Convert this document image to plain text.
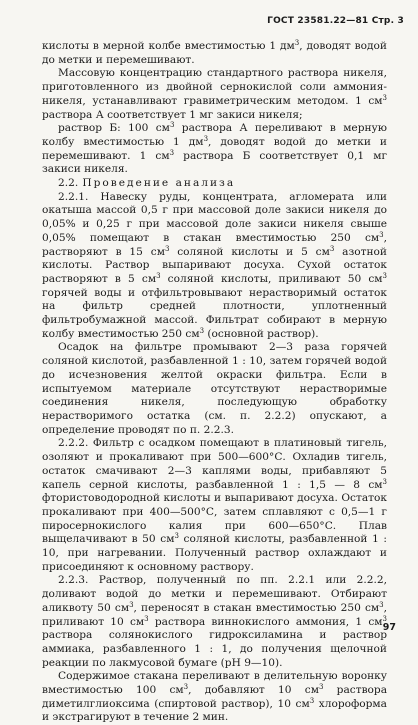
ГОСТ 23581.22—81 Стр. 3

кислоты в мерной колбе вместимостью 1 $дм^3$, доводят водой до метки и перемешивают.

Массовую концентрацию стандартного раствора никеля, приготовленного из двойной сернокислой соли аммония-никеля, устанавливают гравиметрическим методом. 1 $см^3$ раствора А соответствует 1 мг закиси никеля;

раствор Б: 100 $см^3$ раствора А переливают в мерную колбу вместимостью 1 $дм^3$, доводят водой до метки и перемешивают. 1 $см^3$ раствора Б соответствует 0,1 мг закиси никеля.

2.2. Проведение анализа

2.2.1. Навеску руды, концентрата, агломерата или окатыша массой 0,5 г при массовой доле закиси никеля до 0,05% и 0,25 г при массовой доле закиси никеля свыше 0,05% помещают в стакан вместимостью 250 $см^3$, растворяют в 15 $см^3$ соляной кислоты и 5 $см^3$ азотной кислоты. Раствор выпаривают досуха. Сухой остаток растворяют в 5 $см^3$ соляной кислоты, приливают 50 $см^3$ горячей воды и отфильтровывают нерастворимый остаток на фильтр средней плотности, уплотненный фильтробумажной массой. Фильтрат собирают в мерную колбу вместимостью 250 $см^3$ (основной раствор).

Осадок на фильтре промывают 2—3 раза горячей соляной кислотой, разбавленной 1 : 10, затем горячей водой до исчезновения желтой окраски фильтра. Если в испытуемом материале отсутствуют нерастворимые соединения никеля, последующую обработку нерастворимого остатка (см. п. 2.2.2) опускают, а определение проводят по п. 2.2.3.

2.2.2. Фильтр с осадком помещают в платиновый тигель, озоляют и прокаливают при 500—600°С. Охладив тигель, остаток смачивают 2—3 каплями воды, прибавляют 5 капель серной кислоты, разбавленной 1 : 1,5 — 8 $см^3$ фтористоводородной кислоты и выпаривают досуха. Остаток прокаливают при 400—500°С, затем сплавляют с 0,5—1 г пиросернокислого калия при 600—650°С. Плав выщелачивают в 50 $см^3$ соляной кислоты, разбавленной 1 : 10, при нагревании. Полученный раствор охлаждают и присоединяют к основному раствору.

2.2.3. Раствор, полученный по пп. 2.2.1 или 2.2.2, доливают водой до метки и перемешивают. Отбирают аликвоту 50 $см^3$, переносят в стакан вместимостью 250 $см^3$, приливают 10 $см^3$ раствора виннокислого аммония, 1 $см^3$ раствора солянокислого гидроксиламина и раствор аммиака, разбавленного 1 : 1, до получения щелочной реакции по лакмусовой бумаге (рН 9—10).

Содержимое стакана переливают в делительную воронку вместимостью 100 $см^3$, добавляют 10 $см^3$ раствора диметилглиоксима (спиртовой раствор), 10 $см^3$ хлороформа и экстрагируют в течение 2 мин.

97
